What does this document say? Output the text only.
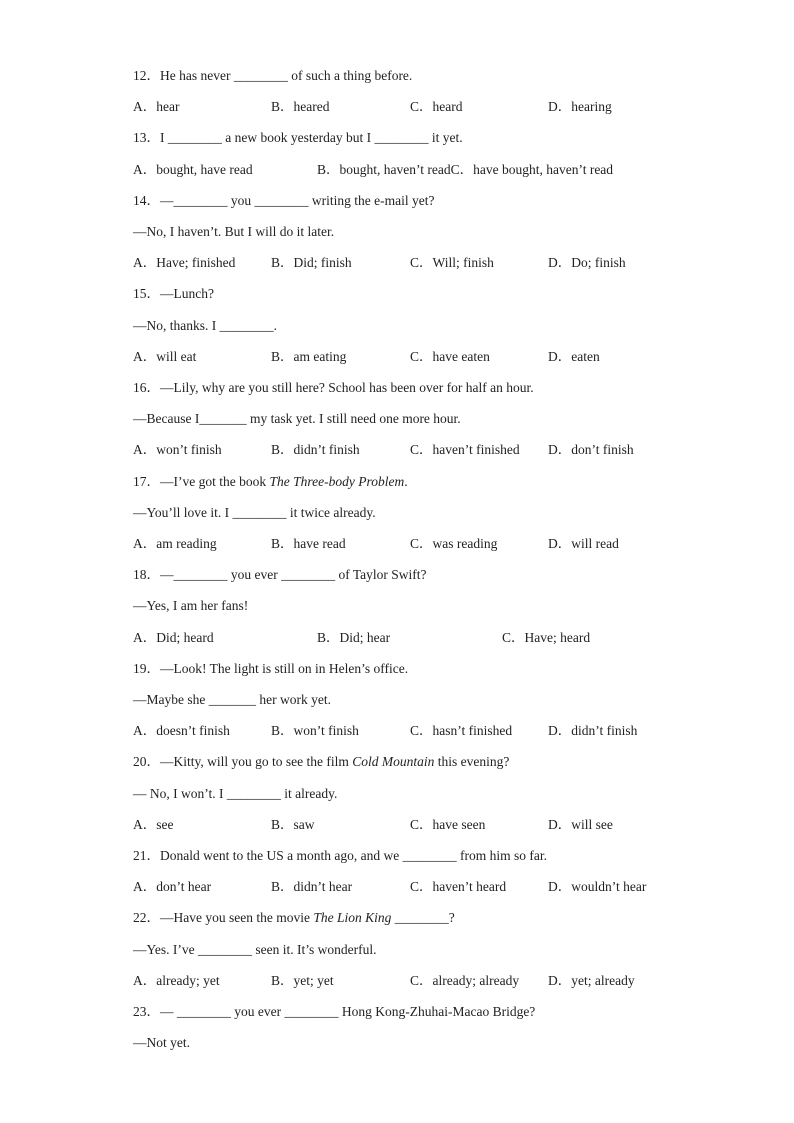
12．He has never ________ of such a thing before.
A．hear	B．heared	C．heard	D．hearing
13．I ________ a new book yesterday but I ________ it yet.
A．bought, have read	B．bought, haven’t readC．have bought, haven’t read
14．—________ you ________ writing the e-mail yet?
—No, I haven’t. But I will do it later.
A．Have; finished	B．Did; finish	C．Will; finish	D．Do; finish
15．—Lunch?
—No, thanks. I ________.
A．will eat	B．am eating	C．have eaten	D．eaten
16．—Lily, why are you still here? School has been over for half an hour.
—Because I_______ my task yet. I still need one more hour.
A．won’t finish	B．didn’t finish	C．haven’t finished D．don’t finish
17．—I’ve got the book The Three-body Problem.
—You’ll love it. I ________ it twice already.
A．am reading	B．have read	C．was reading	D．will read
18．—________ you ever ________ of Taylor Swift?
—Yes, I am her fans!
A．Did; heard	B．Did; hear	C．Have; heard
19．—Look! The light is still on in Helen’s office.
—Maybe she _______ her work yet.
A．doesn’t finish	B．won’t finish	C．hasn’t finished	D．didn’t finish
20．—Kitty, will you go to see the film Cold Mountain this evening?
— No, I won’t. I ________ it already.
A．see	B．saw	C．have seen	D．will see
21．Donald went to the US a month ago, and we ________ from him so far.
A．don’t hear	B．didn’t hear	C．haven’t heard	D．wouldn’t hear
22．—Have you seen the movie The Lion King ________?
—Yes. I’ve ________ seen it. It’s wonderful.
A．already; yet	B．yet; yet	C．already; already D．yet; already
23．— ________ you ever ________ Hong Kong-Zhuhai-Macao Bridge?
—Not yet.
